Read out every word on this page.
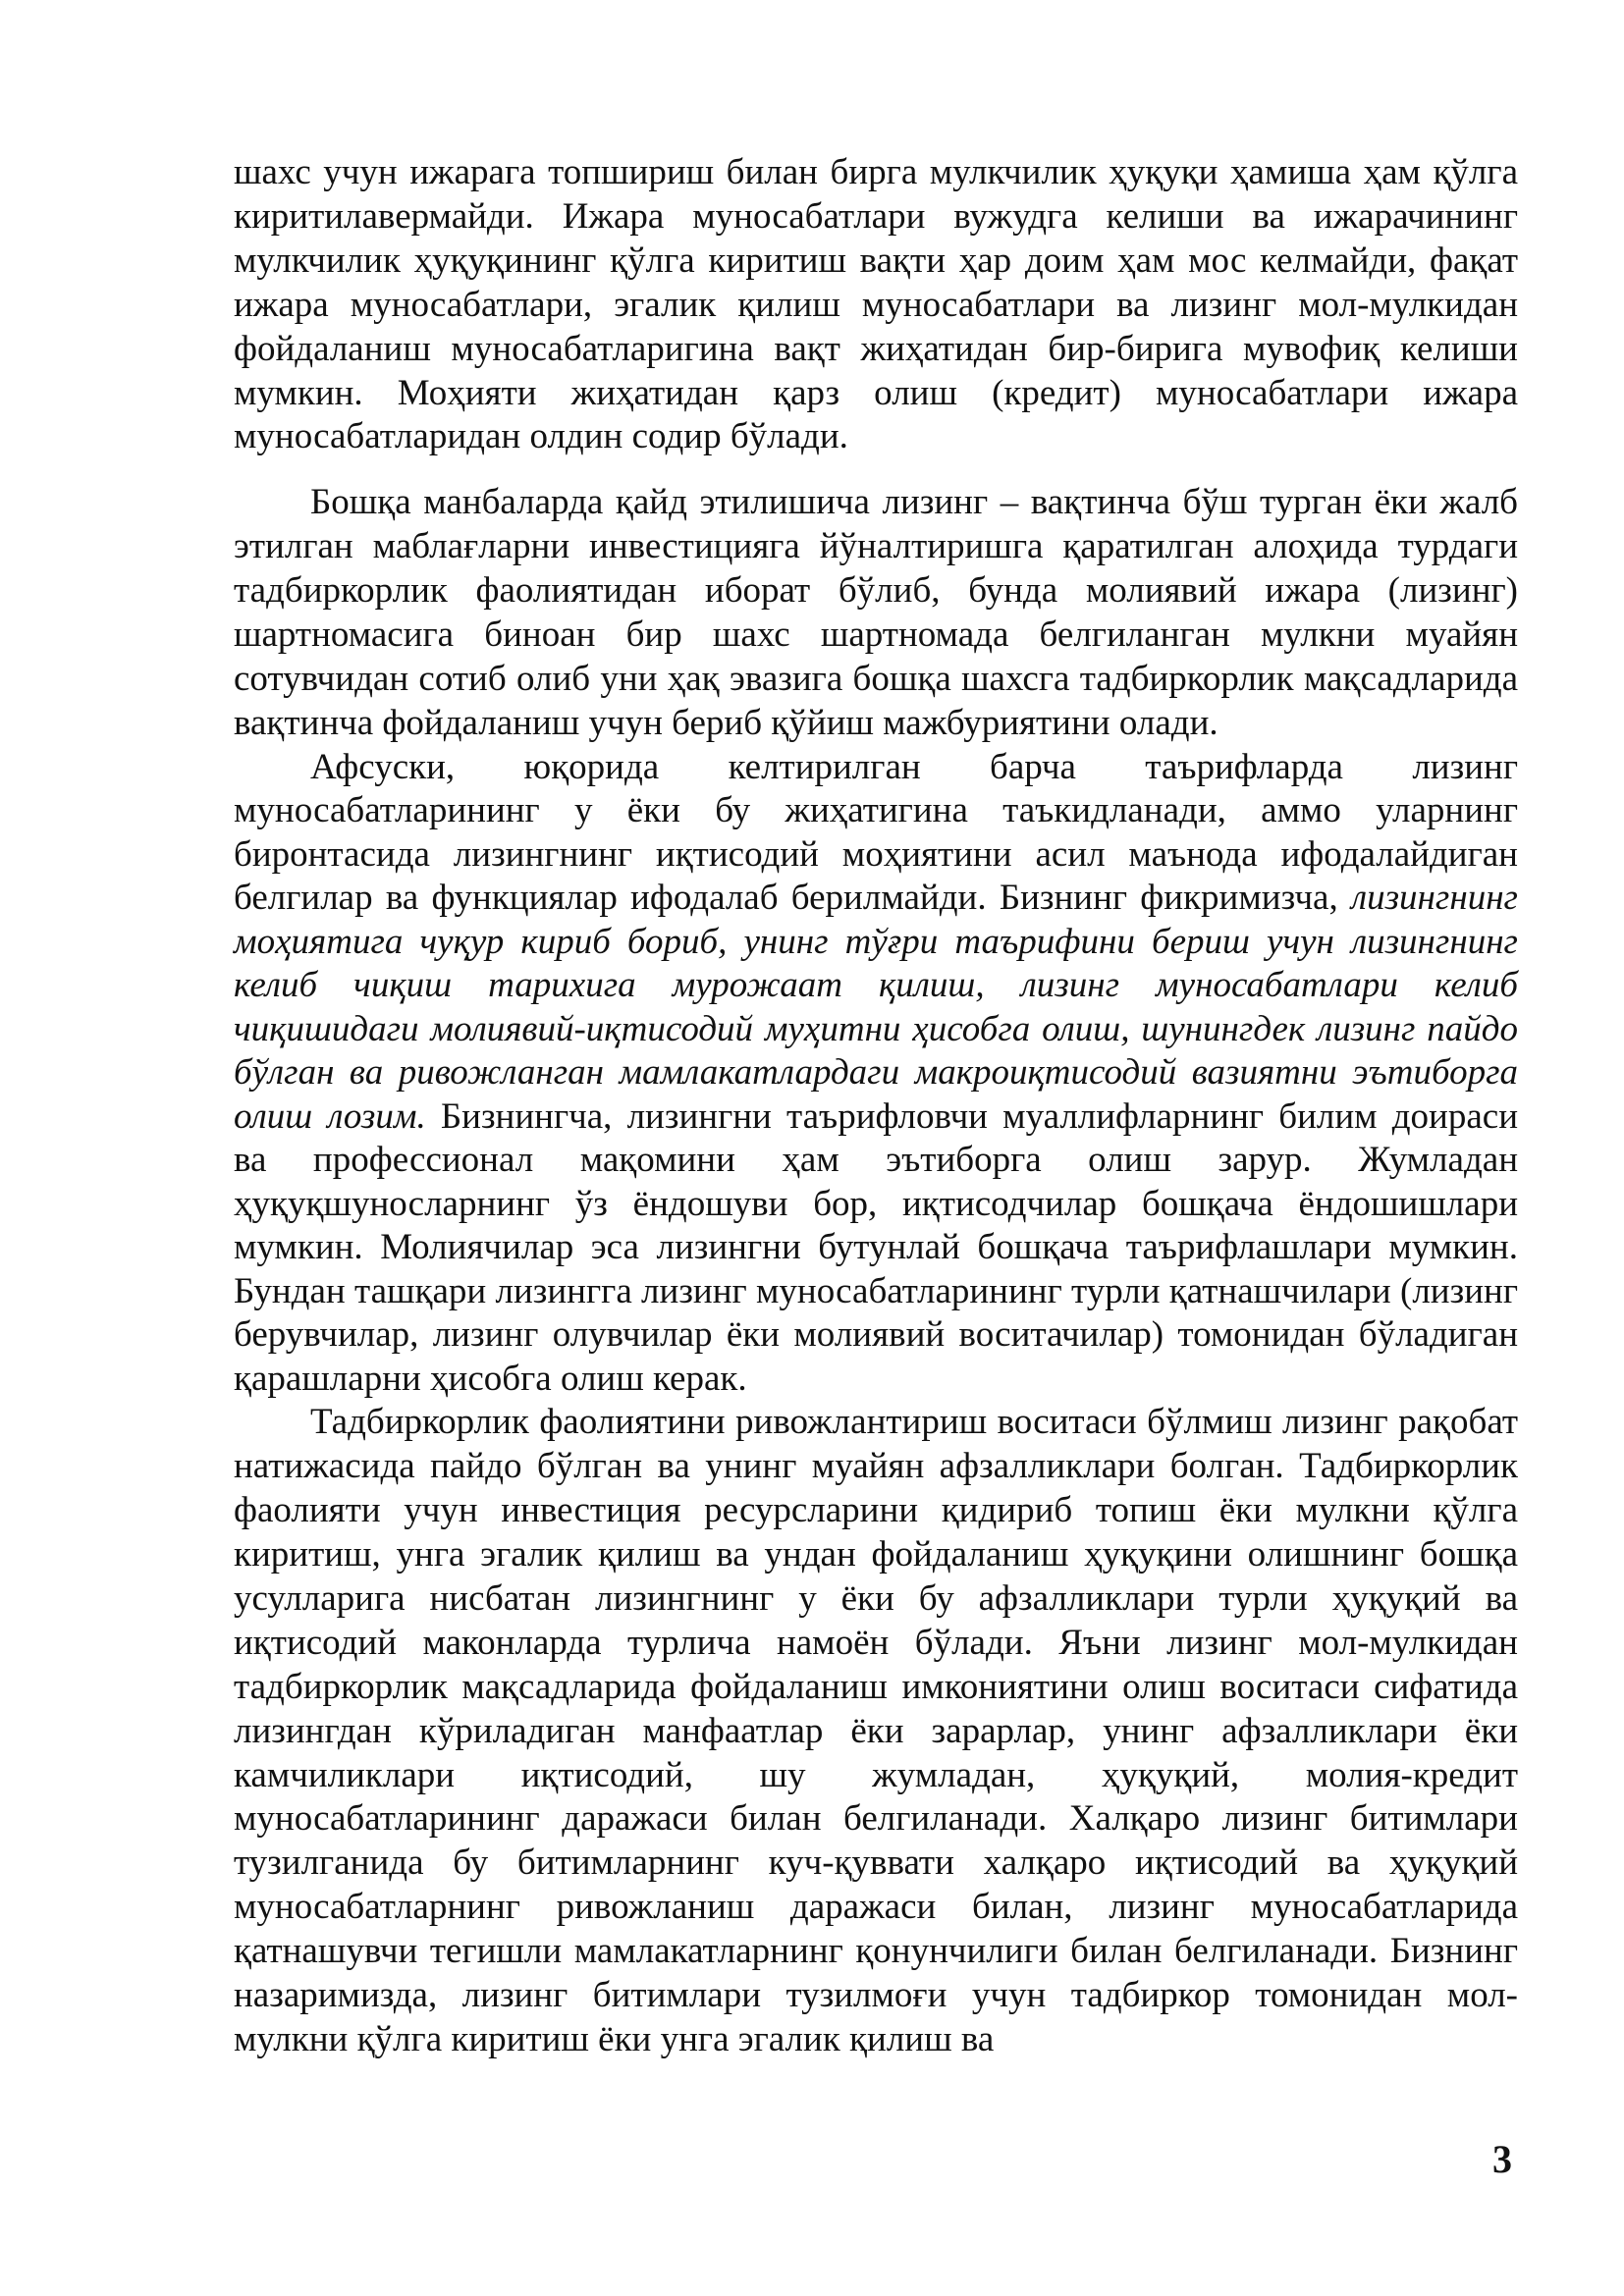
шахс учун ижарага топшириш билан бирга мулкчилик ҳуқуқи ҳамиша ҳам қўлга киритилавермайди. Ижара муносабатлари вужудга келиши ва ижарачининг мулкчилик ҳуқуқининг қўлга киритиш вақти ҳар доим ҳам мос келмайди, фақат ижара муносабатлари, эгалик қилиш муносабатлари ва лизинг мол-мулкидан фойдаланиш муносабатларигина вақт жиҳатидан бир-бирига мувофиқ келиши мумкин. Моҳияти жиҳатидан қарз олиш (кредит) муносабатлари ижара муносабатларидан олдин содир бўлади.

Бошқа манбаларда қайд этилишича лизинг – вақтинча бўш турган ёки жалб этилган маблағларни инвестицияга йўналтиришга қаратилган алоҳида турдаги тадбиркорлик фаолиятидан иборат бўлиб, бунда молиявий ижара (лизинг) шартномасига биноан бир шахс шартномада белгиланган мулкни муайян сотувчидан сотиб олиб уни ҳақ эвазига бошқа шахсга тадбиркорлик мақсадларида вақтинча фойдаланиш учун бериб қўйиш мажбуриятини олади.

Афсуски, юқорида келтирилган барча таърифларда лизинг муносабатларининг у ёки бу жиҳатигина таъкидланади, аммо уларнинг биронтасида лизингнинг иқтисодий моҳиятини асил маънода ифодалайдиган белгилар ва функциялар ифодалаб берилмайди. Бизнинг фикримизча, лизингнинг моҳиятига чуқур кириб бориб, унинг тўғри таърифини бериш учун лизингнинг келиб чиқиш тарихига мурожаат қилиш, лизинг муносабатлари келиб чиқишидаги молиявий-иқтисодий муҳитни ҳисобга олиш, шунингдек лизинг пайдо бўлган ва ривожланган мамлакатлардаги макроиқтисодий вазиятни эътиборга олиш лозим. Бизнингча, лизингни таърифловчи муаллифларнинг билим доираси ва профессионал мақомини ҳам эътиборга олиш зарур. Жумладан ҳуқуқшуносларнинг ўз ёндошуви бор, иқтисодчилар бошқача ёндошишлари мумкин. Молиячилар эса лизингни бутунлай бошқача таърифлашлари мумкин. Бундан ташқари лизингга лизинг муносабатларининг турли қатнашчилари (лизинг берувчилар, лизинг олувчилар ёки молиявий воситачилар) томонидан бўладиган қарашларни ҳисобга олиш керак.

Тадбиркорлик фаолиятини ривожлантириш воситаси бўлмиш лизинг рақобат натижасида пайдо бўлган ва унинг муайян афзалликлари болган. Тадбиркорлик фаолияти учун инвестиция ресурсларини қидириб топиш ёки мулкни қўлга киритиш, унга эгалик қилиш ва ундан фойдаланиш ҳуқуқини олишнинг бошқа усулларига нисбатан лизингнинг у ёки бу афзалликлари турли ҳуқуқий ва иқтисодий маконларда турлича намоён бўлади. Яъни лизинг мол-мулкидан тадбиркорлик мақсадларида фойдаланиш имкониятини олиш воситаси сифатида лизингдан кўриладиган манфаатлар ёки зарарлар, унинг афзалликлари ёки камчиликлари иқтисодий, шу жумладан, ҳуқуқий, молия-кредит муносабатларининг даражаси билан белгиланади. Халқаро лизинг битимлари тузилганида бу битимларнинг куч-қуввати халқаро иқтисодий ва ҳуқуқий муносабатларнинг ривожланиш даражаси билан, лизинг муносабатларида қатнашувчи тегишли мамлакатларнинг қонунчилиги билан белгиланади. Бизнинг назаримизда, лизинг битимлари тузилмоғи учун тадбиркор томонидан мол-мулкни қўлга киритиш ёки унга эгалик қилиш ва

3
